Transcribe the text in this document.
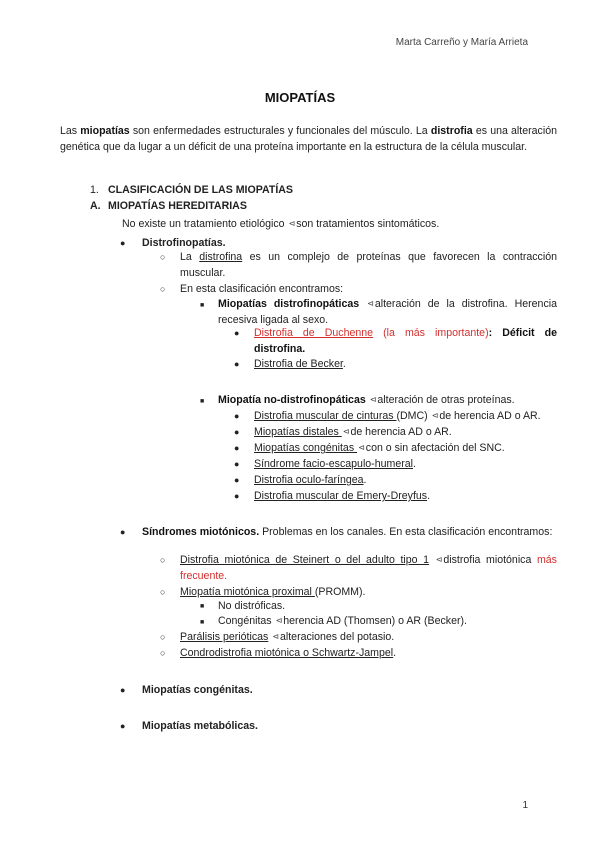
Marta Carreño y María Arrieta
MIOPATÍAS
Las miopatías son enfermedades estructurales y funcionales del músculo. La distrofia es una alteración genética que da lugar a un déficit de una proteína importante en la estructura de la célula muscular.
1. CLASIFICACIÓN DE LAS MIOPATÍAS
A. MIOPATÍAS HEREDITARIAS
No existe un tratamiento etiológico ⊲son tratamientos sintomáticos.
● Distrofinopatías.
○ La distrofina es un complejo de proteínas que favorecen la contracción muscular.
○ En esta clasificación encontramos:
■ Miopatías distrofinopáticas ⊲alteración de la distrofina. Herencia recesiva ligada al sexo.
● Distrofia de Duchenne (la más importante): Déficit de distrofina.
● Distrofia de Becker.
■ Miopatía no-distrofinopáticas ⊲alteración de otras proteínas.
● Distrofia muscular de cinturas (DMC) ⊲de herencia AD o AR.
● Miopatías distales ⊲de herencia AD o AR.
● Miopatías congénitas ⊲con o sin afectación del SNC.
● Síndrome facio-escapulo-humeral.
● Distrofia oculo-faríngea.
● Distrofia muscular de Emery-Dreyfus.
● Síndromes miotónicos. Problemas en los canales. En esta clasificación encontramos:
○ Distrofia miotónica de Steinert o del adulto tipo 1 ⊲distrofia miotónica más frecuente.
○ Miopatía miotónica proximal (PROMM).
■ No distróficas.
■ Congénitas ⊲herencia AD (Thomsen) o AR (Becker).
○ Parálisis perióticas ⊲alteraciones del potasio.
○ Condrodistrofia miotónica o Schwartz-Jampel.
● Miopatías congénitas.
● Miopatías metabólicas.
1
